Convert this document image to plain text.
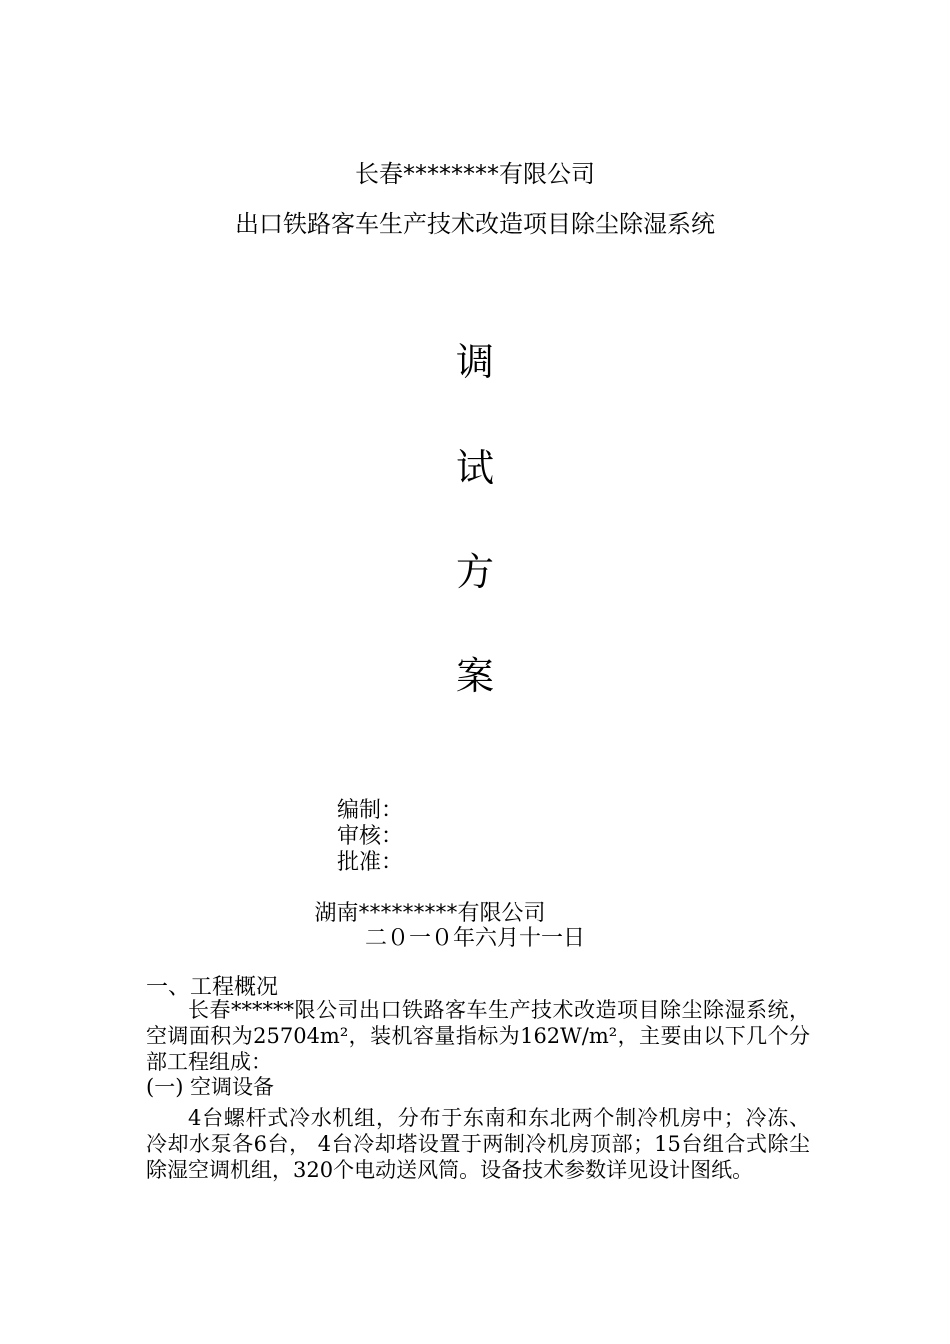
长春********有限公司
出口铁路客车生产技术改造项目除尘除湿系统
调
试
方
案
编制：
审核：
批准：
湖南*********有限公司
二０一０年六月十一日
一、工程概况
长春******限公司出口铁路客车生产技术改造项目除尘除湿系统，空调面积为25704m²，装机容量指标为162W/m²，主要由以下几个分部工程组成：
(一) 空调设备
4台螺杆式冷水机组，分布于东南和东北两个制冷机房中；冷冻、冷却水泵各6台， 4台冷却塔设置于两制冷机房顶部；15台组合式除尘除湿空调机组，320个电动送风筒。设备技术参数详见设计图纸。
